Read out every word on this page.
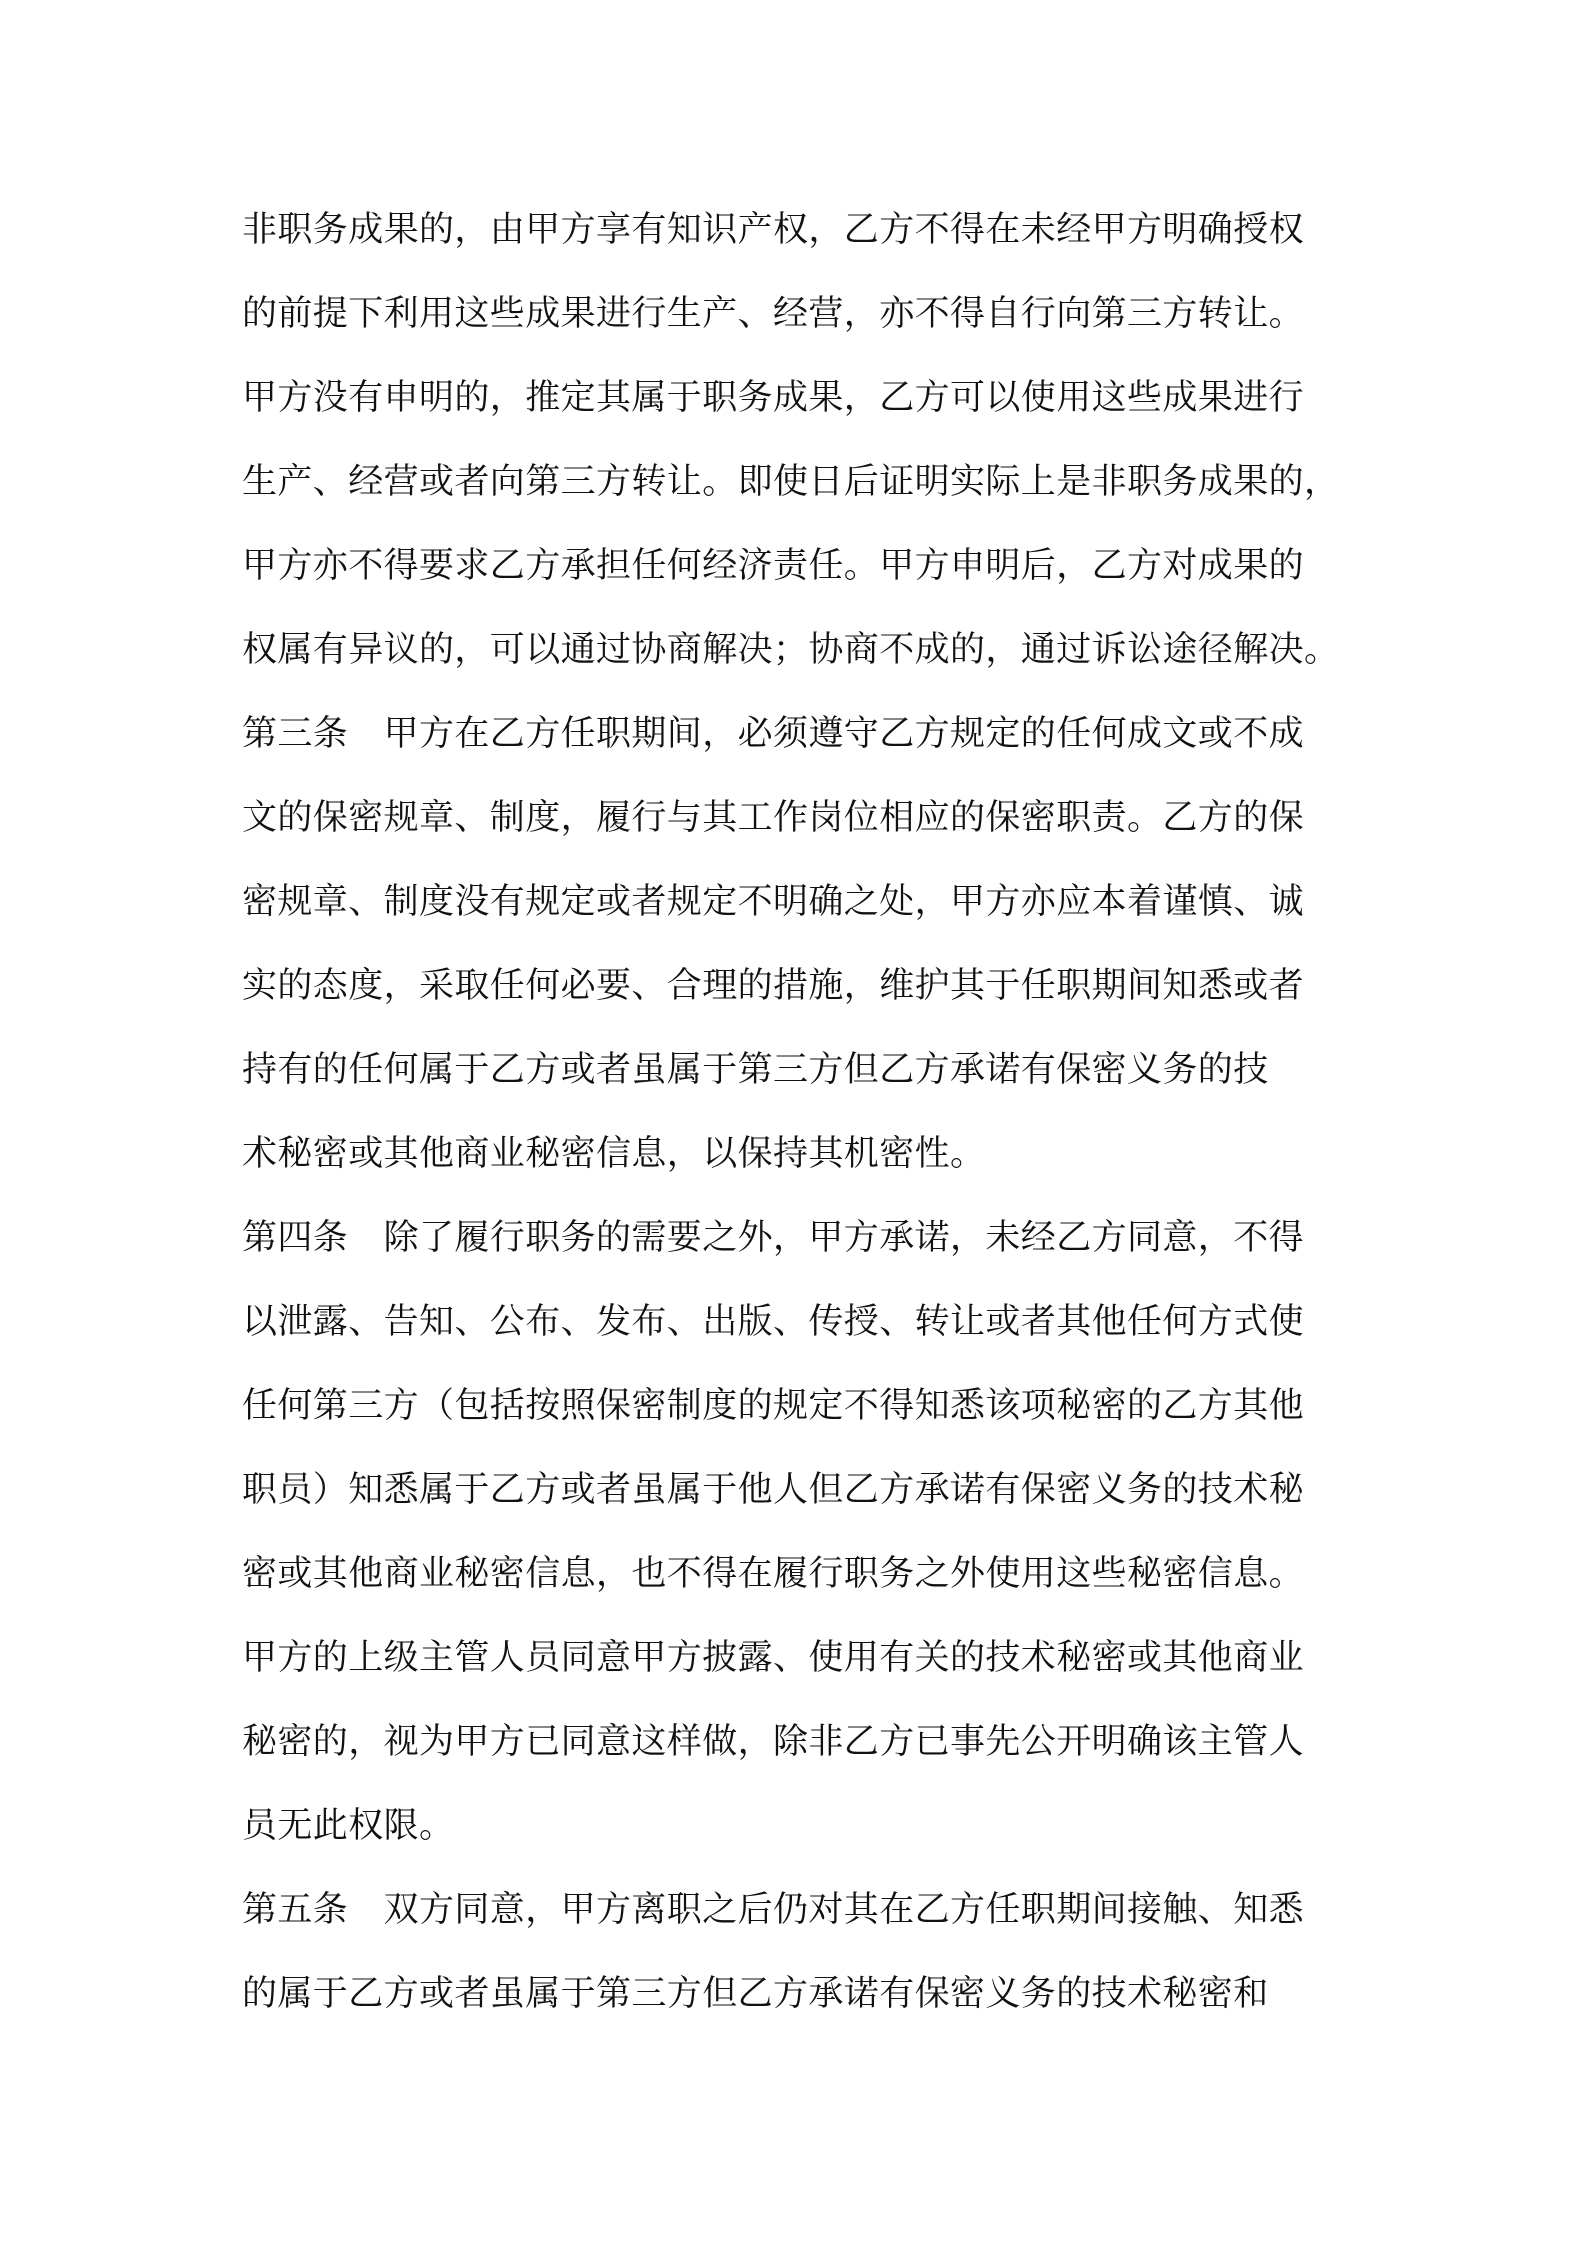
非职务成果的，由甲方享有知识产权，乙方不得在未经甲方明确授权
的前提下利用这些成果进行生产、经营，亦不得自行向第三方转让。
甲方没有申明的，推定其属于职务成果，乙方可以使用这些成果进行
生产、经营或者向第三方转让。即使日后证明实际上是非职务成果的，
甲方亦不得要求乙方承担任何经济责任。甲方申明后，乙方对成果的
权属有异议的，可以通过协商解决；协商不成的，通过诉讼途径解决。
第三条　甲方在乙方任职期间，必须遵守乙方规定的任何成文或不成
文的保密规章、制度，履行与其工作岗位相应的保密职责。乙方的保
密规章、制度没有规定或者规定不明确之处，甲方亦应本着谨慎、诚
实的态度，采取任何必要、合理的措施，维护其于任职期间知悉或者
持有的任何属于乙方或者虽属于第三方但乙方承诺有保密义务的技
术秘密或其他商业秘密信息，以保持其机密性。
第四条　除了履行职务的需要之外，甲方承诺，未经乙方同意，不得
以泄露、告知、公布、发布、出版、传授、转让或者其他任何方式使
任何第三方（包括按照保密制度的规定不得知悉该项秘密的乙方其他
职员）知悉属于乙方或者虽属于他人但乙方承诺有保密义务的技术秘
密或其他商业秘密信息，也不得在履行职务之外使用这些秘密信息。
甲方的上级主管人员同意甲方披露、使用有关的技术秘密或其他商业
秘密的，视为甲方已同意这样做，除非乙方已事先公开明确该主管人
员无此权限。
第五条　双方同意，甲方离职之后仍对其在乙方任职期间接触、知悉
的属于乙方或者虽属于第三方但乙方承诺有保密义务的技术秘密和
